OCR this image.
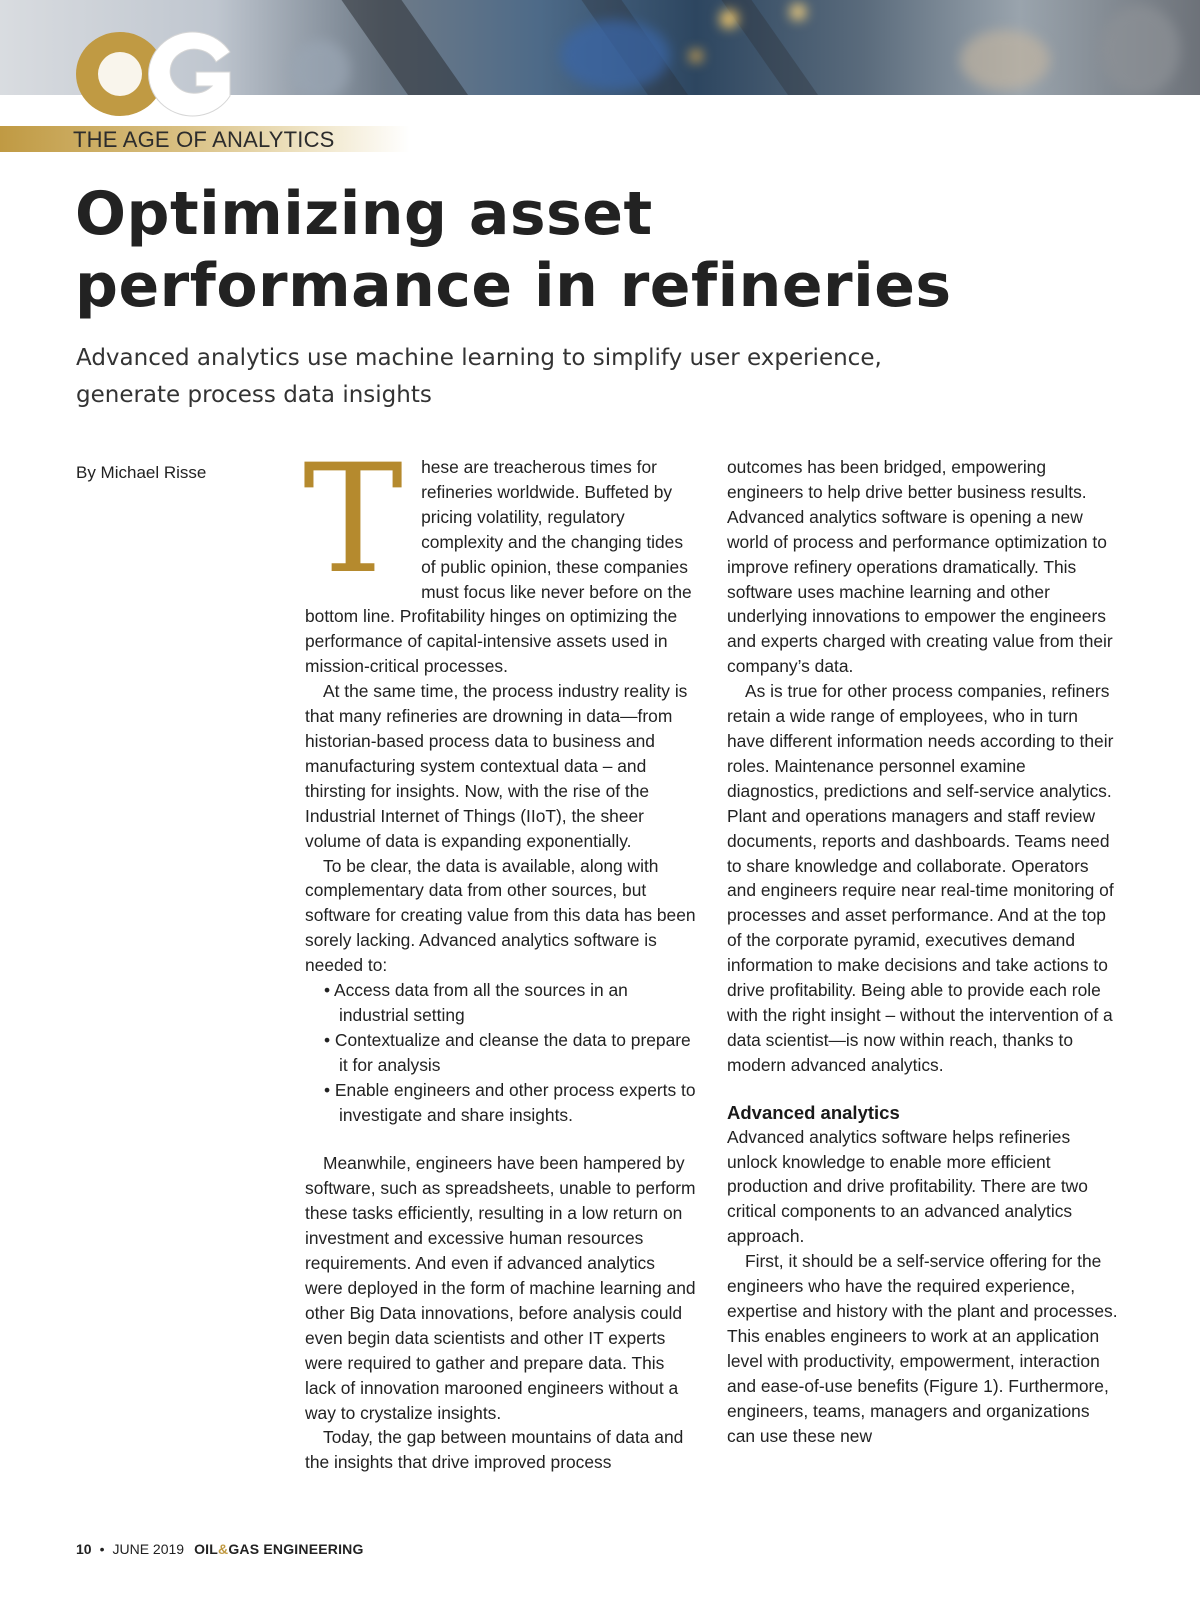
THE AGE OF ANALYTICS
Optimizing asset
performance in refineries

Advanced analytics use machine learning to simplify user experience,
generate process data insights

By Michael Risse T	hese are treacherous times for refineries worldwide. Buffeted by pricing volatility, regulatory complexity and the changing tides of public opinion, these companies must focus like never before on the bottom line. Profitability hinges on optimizing the performance of capital-intensive assets used in mission-critical processes.

At the same time, the process industry reality is that many refineries are drowning in data—from historian-based process data to business and manufacturing system contextual data – and thirsting for insights. Now, with the rise of the Industrial Internet of Things (IIoT), the sheer volume of data is expanding exponentially.

To be clear, the data is available, along with complementary data from other sources, but software for creating value from this data has been sorely lacking. Advanced analytics software is needed to:

• Access data from all the sources in an industrial setting
• Contextualize and cleanse the data to prepare it for analysis
• Enable engineers and other process experts to investigate and share insights.

Meanwhile, engineers have been hampered by software, such as spreadsheets, unable to perform these tasks efficiently, resulting in a low return on investment and excessive human resources requirements. And even if advanced analytics were deployed in the form of machine learning and other Big Data innovations, before analysis could even begin data scientists and other IT experts were required to gather and prepare data. This lack of innovation marooned engineers without a way to crystalize insights.

Today, the gap between mountains of data and the insights that drive improved process

outcomes has been bridged, empowering engineers to help drive better business results. Advanced analytics software is opening a new world of process and performance optimization to improve refinery operations dramatically. This software uses machine learning and other underlying innovations to empower the engineers and experts charged with creating value from their company’s data.

As is true for other process companies, refiners retain a wide range of employees, who in turn have different information needs according to their roles. Maintenance personnel examine diagnostics, predictions and self-service analytics. Plant and operations managers and staff review documents, reports and dashboards. Teams need to share knowledge and collaborate. Operators and engineers require near real-time monitoring of processes and asset performance. And at the top of the corporate pyramid, executives demand information to make decisions and take actions to drive profitability. Being able to provide each role with the right insight – without the intervention of a data scientist—is now within reach, thanks to modern advanced analytics.

Advanced analytics

Advanced analytics software helps refineries unlock knowledge to enable more efficient production and drive profitability. There are two critical components to an advanced analytics approach.

First, it should be a self-service offering for the engineers who have the required experience, expertise and history with the plant and processes. This enables engineers to work at an application level with productivity, empowerment, interaction and ease-of-use benefits (Figure 1). Furthermore, engineers, teams, managers and organizations can use these new

10 • JUNE 2019 OIL&GAS ENGINEERING
